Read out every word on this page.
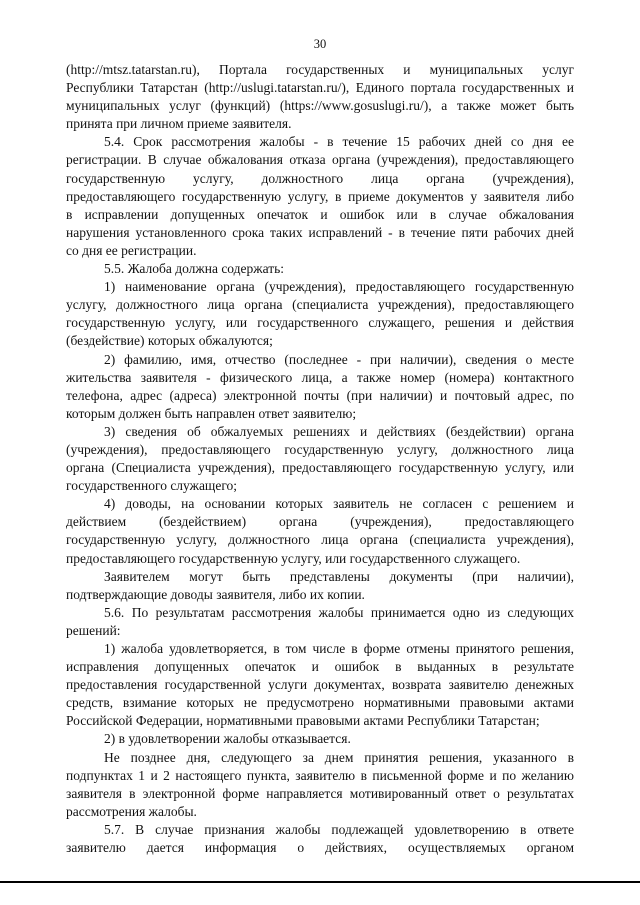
30
(http://mtsz.tatarstan.ru), Портала государственных и муниципальных услуг
Республики Татарстан (http://uslugi.tatarstan.ru/), Единого портала государственных и
муниципальных услуг (функций) (https://www.gosuslugi.ru/), а также может быть
принята при личном приеме заявителя.
5.4. Срок рассмотрения жалобы - в течение 15 рабочих дней со дня ее
регистрации. В случае обжалования отказа органа (учреждения), предоставляющего
государственную услугу, должностного лица органа (учреждения),
предоставляющего государственную услугу, в приеме документов у заявителя либо
в исправлении допущенных опечаток и ошибок или в случае обжалования
нарушения установленного срока таких исправлений - в течение пяти рабочих дней
со дня ее регистрации.
5.5. Жалоба должна содержать:
1) наименование органа (учреждения), предоставляющего государственную
услугу, должностного лица органа (специалиста учреждения), предоставляющего
государственную услугу, или государственного служащего, решения и действия
(бездействие) которых обжалуются;
2) фамилию, имя, отчество (последнее - при наличии), сведения о месте
жительства заявителя - физического лица, а также номер (номера) контактного
телефона, адрес (адреса) электронной почты (при наличии) и почтовый адрес, по
которым должен быть направлен ответ заявителю;
3) сведения об обжалуемых решениях и действиях (бездействии) органа
(учреждения), предоставляющего государственную услугу, должностного лица
органа (Специалиста учреждения), предоставляющего государственную услугу, или
государственного служащего;
4) доводы, на основании которых заявитель не согласен с решением и
действием (бездействием) органа (учреждения), предоставляющего
государственную услугу, должностного лица органа (специалиста учреждения),
предоставляющего государственную услугу, или государственного служащего.
Заявителем могут быть представлены документы (при наличии),
подтверждающие доводы заявителя, либо их копии.
5.6. По результатам рассмотрения жалобы принимается одно из следующих
решений:
1) жалоба удовлетворяется, в том числе в форме отмены принятого решения,
исправления допущенных опечаток и ошибок в выданных в результате
предоставления государственной услуги документах, возврата заявителю денежных
средств, взимание которых не предусмотрено нормативными правовыми актами
Российской Федерации, нормативными правовыми актами Республики Татарстан;
2) в удовлетворении жалобы отказывается.
Не позднее дня, следующего за днем принятия решения, указанного в
подпунктах 1 и 2 настоящего пункта, заявителю в письменной форме и по желанию
заявителя в электронной форме направляется мотивированный ответ о результатах
рассмотрения жалобы.
5.7. В случае признания жалобы подлежащей удовлетворению в ответе
заявителю дается информация о действиях, осуществляемых органом
